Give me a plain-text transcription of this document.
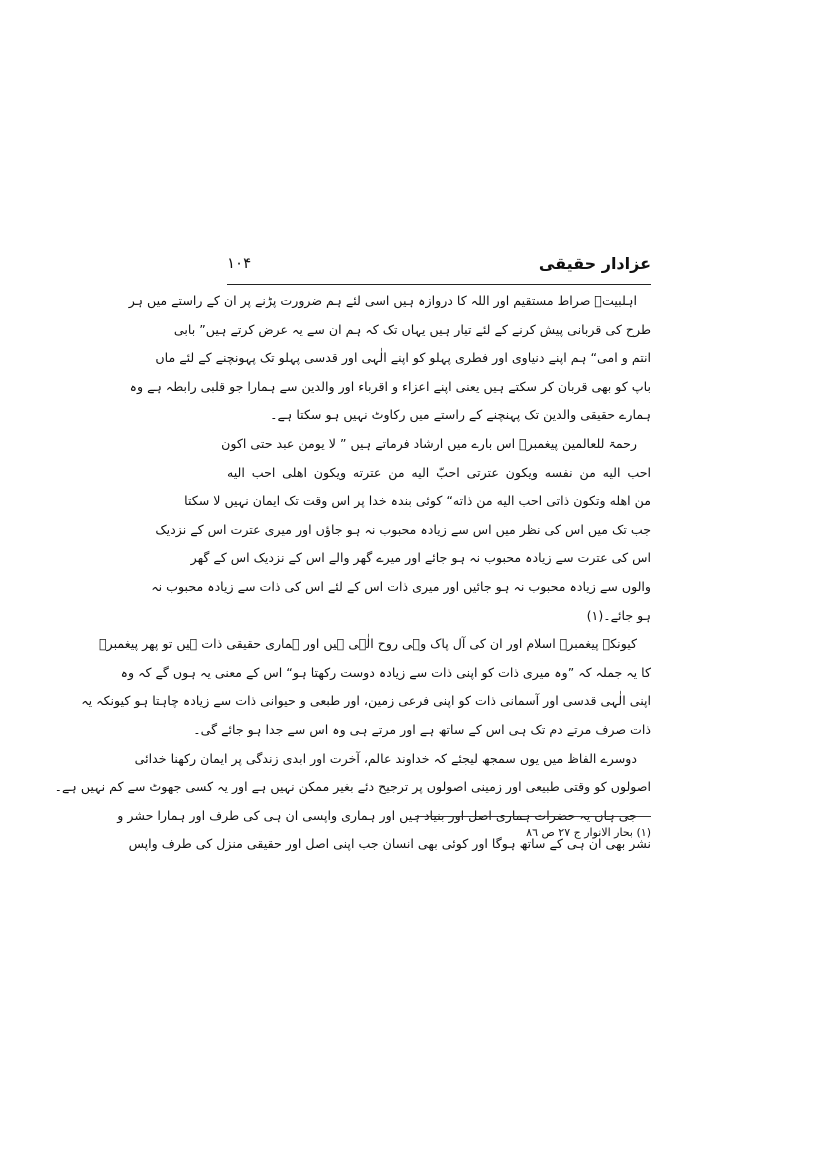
عزادار حقیقی
۱۰۴
اہلبیتؑ صراط مستقیم اور اللہ کا دروازہ ہیں اسی لئے ہم ضرورت پڑنے پر ان کے راستے میں ہر
طرح کی قربانی پیش کرنے کے لئے تیار ہیں یہاں تک کہ ہم ان سے یہ عرض کرتے ہیں” بابی
انتم و امی“ ہم اپنے دنیاوی اور فطری پہلو کو اپنے الٰہی اور قدسی پہلو تک پہونچنے کے لئے ماں
باپ کو بھی قربان کر سکتے ہیں یعنی اپنے اعزاء و اقرباء اور والدین سے ہمارا جو قلبی رابطہ ہے وہ
ہمارے حقیقی والدین تک پہنچنے کے راستے میں رکاوٹ نہیں ہو سکتا ہے۔
رحمۃ للعالمین پیغمبرؐ اس بارے میں ارشاد فرماتے ہیں ” لا یومن عبد حتی اکون
احب الیه من نفسه ویکون عترتی احبّ الیه من عترته ویکون اهلی احب الیه
من اهله وتکون ذاتی احب الیه من ذاته“ کوئی بندہ خدا پر اس وقت تک ایمان نہیں لا سکتا
جب تک میں اس کی نظر میں اس سے زیادہ محبوب نہ ہو جاؤں اور میری عترت اس کے نزدیک
اس کی عترت سے زیادہ محبوب نہ ہو جائے اور میرے گھر والے اس کے نزدیک اس کے گھر
والوں سے زیادہ محبوب نہ ہو جائیں اور میری ذات اس کے لئے اس کی ذات سے زیادہ محبوب نہ
ہو جائے۔(۱)
کیونکہ پیغمبرؐ اسلام اور ان کی آل پاک وہی روح الٰہی ہیں اور ہماری حقیقی ذات ہیں تو پھر پیغمبرؐ
کا یہ جملہ کہ ”وہ میری ذات کو اپنی ذات سے زیادہ دوست رکھتا ہو“ اس کے معنی یہ ہوں گے کہ وہ
اپنی الٰہی قدسی اور آسمانی ذات کو اپنی فرعی زمین، اور طبعی و حیوانی ذات سے زیادہ چاہتا ہو کیونکہ یہ
ذات صرف مرتے دم تک ہی اس کے ساتھ ہے اور مرتے ہی وہ اس سے جدا ہو جائے گی۔
دوسرے الفاظ میں یوں سمجھ لیجئے کہ خداوند عالم، آخرت اور ابدی زندگی پر ایمان رکھنا خدائی
اصولوں کو وقتی طبیعی اور زمینی اصولوں پر ترجیح دئے بغیر ممکن نہیں ہے اور یہ کسی جھوٹ سے کم نہیں ہے۔
جی ہاں یہ حضرات ہماری اصل اور بنیاد ہیں اور ہماری واپسی ان ہی کی طرف اور ہمارا حشر و
نشر بھی ان ہی کے ساتھ ہوگا اور کوئی بھی انسان جب اپنی اصل اور حقیقی منزل کی طرف واپس
(۱) بحار الانوار ج ۲۷ ص ۸٦
